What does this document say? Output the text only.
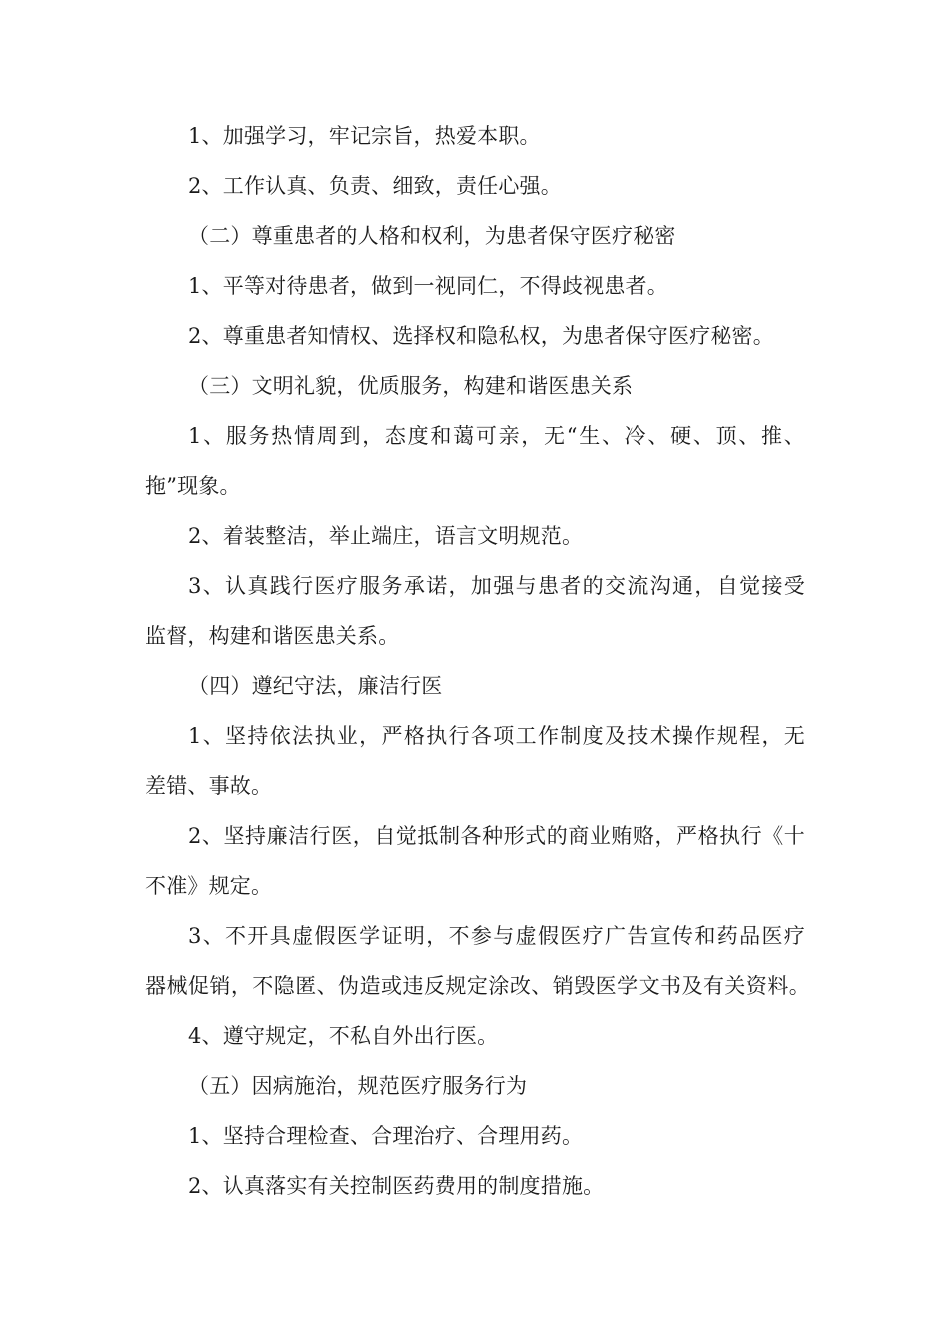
1、加强学习，牢记宗旨，热爱本职。
2、工作认真、负责、细致，责任心强。
（二）尊重患者的人格和权利，为患者保守医疗秘密
1、平等对待患者，做到一视同仁，不得歧视患者。
2、尊重患者知情权、选择权和隐私权，为患者保守医疗秘密。
（三）文明礼貌，优质服务，构建和谐医患关系
1、服务热情周到，态度和蔼可亲，无“生、冷、硬、顶、推、
拖”现象。
2、着装整洁，举止端庄，语言文明规范。
3、认真践行医疗服务承诺，加强与患者的交流沟通，自觉接受
监督，构建和谐医患关系。
（四）遵纪守法，廉洁行医
1、坚持依法执业，严格执行各项工作制度及技术操作规程，无
差错、事故。
2、坚持廉洁行医，自觉抵制各种形式的商业贿赂，严格执行《十
不准》规定。
3、不开具虚假医学证明，不参与虚假医疗广告宣传和药品医疗
器械促销，不隐匿、伪造或违反规定涂改、销毁医学文书及有关资料。
4、遵守规定，不私自外出行医。
（五）因病施治，规范医疗服务行为
1、坚持合理检查、合理治疗、合理用药。
2、认真落实有关控制医药费用的制度措施。
